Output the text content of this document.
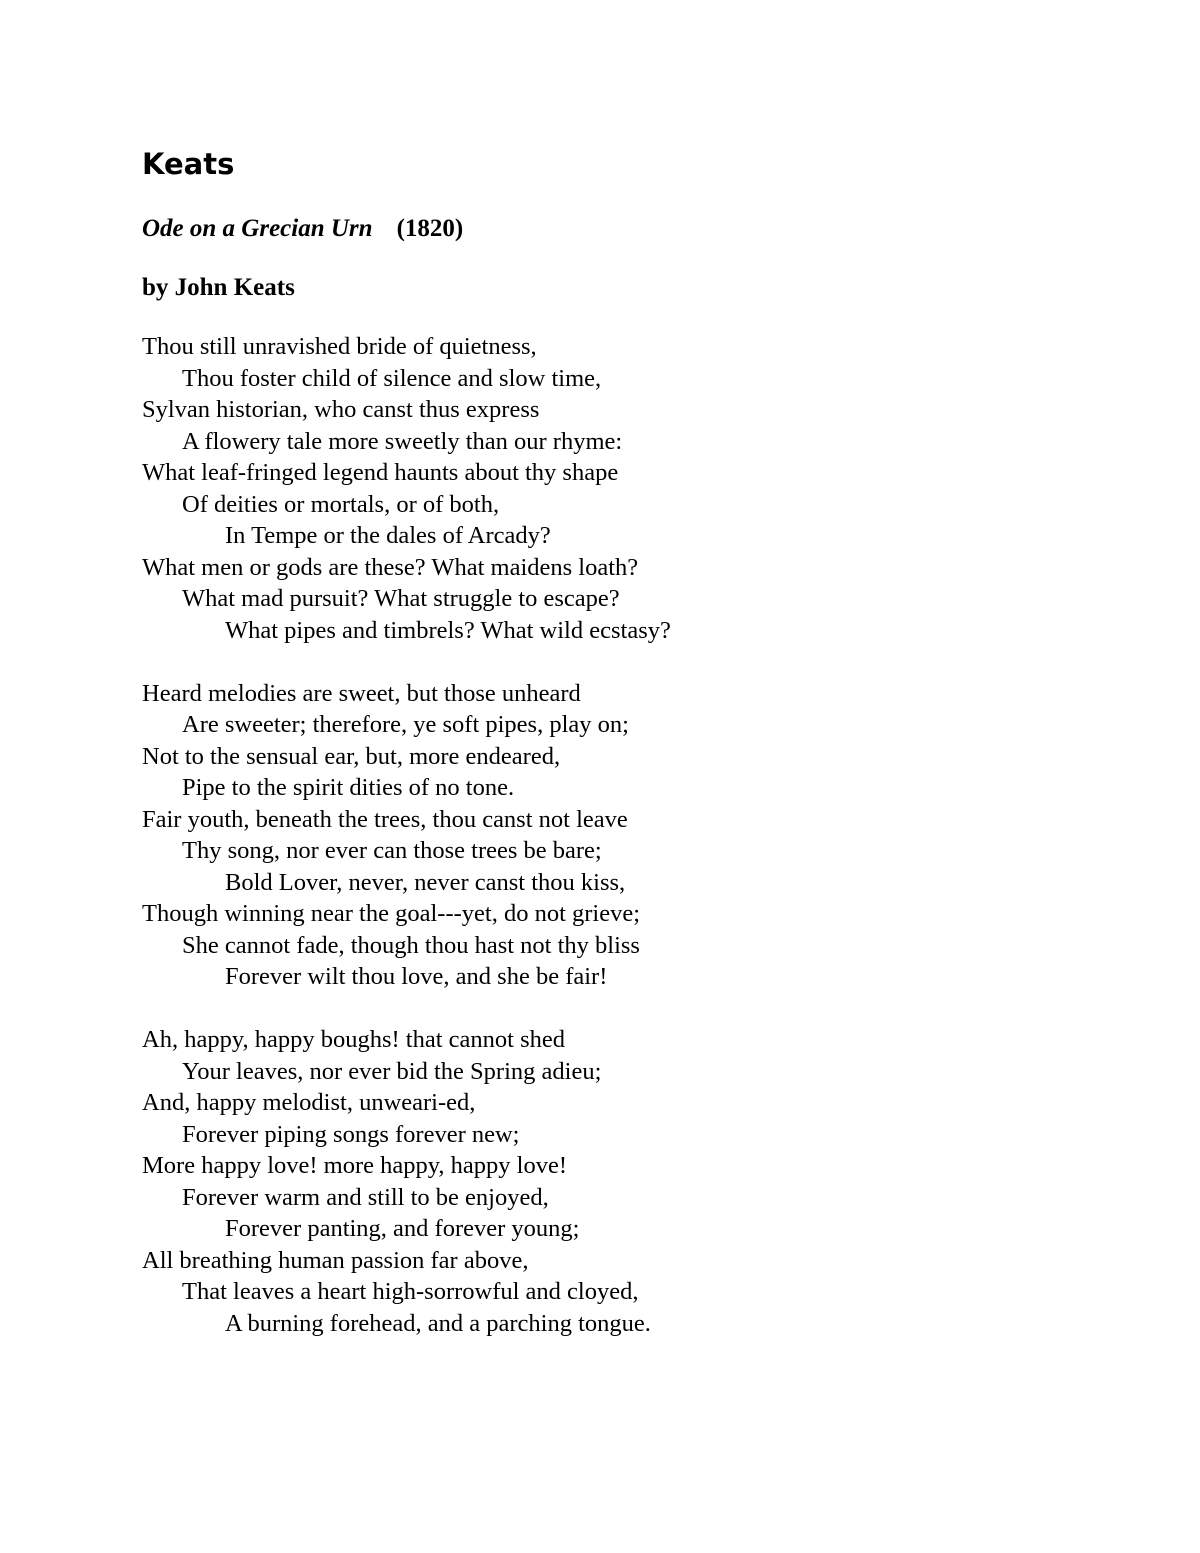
Keats

Ode on a Grecian Urn (1820)

by John Keats

Thou still unravished bride of quietness,
Thou foster child of silence and slow time,
Sylvan historian, who canst thus express
A flowery tale more sweetly than our rhyme:
What leaf-fringed legend haunts about thy shape
Of deities or mortals, or of both,
In Tempe or the dales of Arcady?
What men or gods are these? What maidens loath?
What mad pursuit? What struggle to escape?
What pipes and timbrels? What wild ecstasy?
Heard melodies are sweet, but those unheard
Are sweeter; therefore, ye soft pipes, play on;
Not to the sensual ear, but, more endeared,
Pipe to the spirit dities of no tone.
Fair youth, beneath the trees, thou canst not leave
Thy song, nor ever can those trees be bare;
Bold Lover, never, never canst thou kiss,
Though winning near the goal---yet, do not grieve;
She cannot fade, though thou hast not thy bliss
Forever wilt thou love, and she be fair!
Ah, happy, happy boughs! that cannot shed
Your leaves, nor ever bid the Spring adieu;
And, happy melodist, unweari-ed,
Forever piping songs forever new;
More happy love! more happy, happy love!
Forever warm and still to be enjoyed,
Forever panting, and forever young;
All breathing human passion far above,
That leaves a heart high-sorrowful and cloyed,
A burning forehead, and a parching tongue.
